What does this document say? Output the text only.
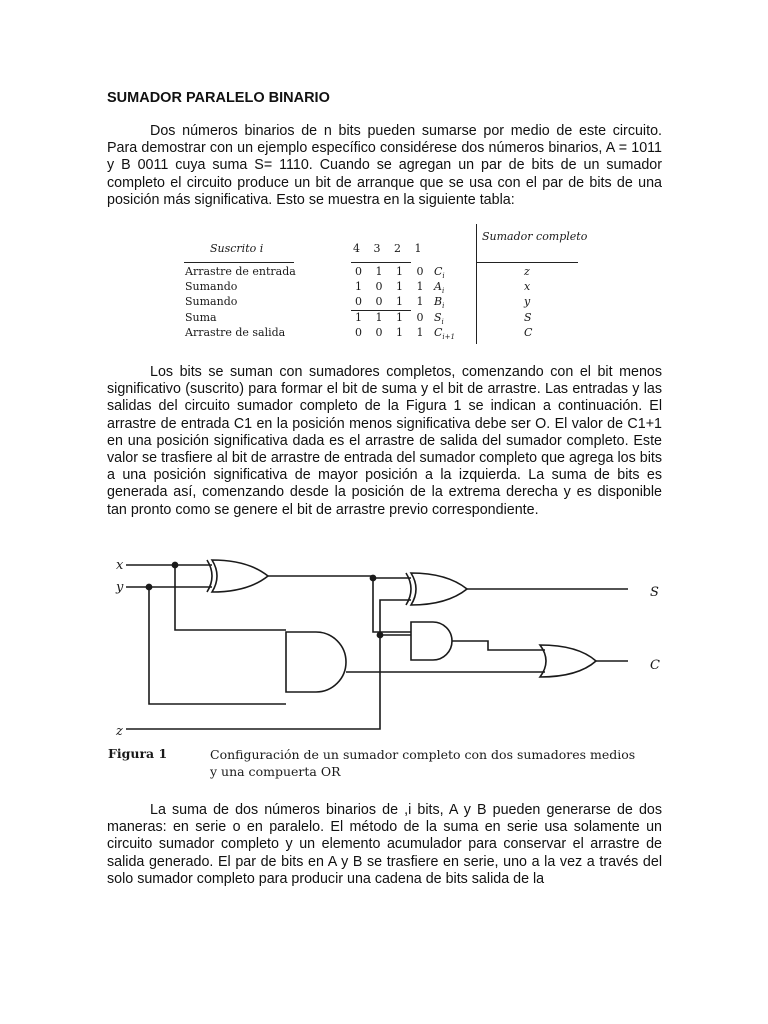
SUMADOR PARALELO BINARIO

Dos números binarios de n bits pueden sumarse por medio de este circuito. Para demostrar con un ejemplo específico considérese dos números binarios, A = 1011 y B 0011 cuya suma S= 1110. Cuando se agregan un par de bits de un sumador completo el circuito produce un bit de arranque que se usa con el par de bits de una posición más significativa. Esto se muestra en la siguiente tabla:

Suscrito i	4 3 2 1
Sumador completo
Arrastre de entrada	0 1 1 0 $C_i$	z
Sumando	1 0 1 1 $A_i$	x
Sumando	0 0 1 1 $B_i$	y
Suma	1 1 1 0 $S_i$	S
Arrastre de salida	0 0 1 1 $C_{i+1}$	C

Los bits se suman con sumadores completos, comenzando con el bit menos significativo (suscrito) para formar el bit de suma y el bit de arrastre. Las entradas y las salidas del circuito sumador completo de la Figura 1 se indican a continuación. El arrastre de entrada C1 en la posición menos significativa debe ser O. El valor de C1+1 en una posición significativa dada es el arrastre de salida del sumador completo. Este valor se trasfiere al bit de arrastre de entrada del sumador completo que agrega los bits a una posición significativa de mayor posición a la izquierda. La suma de bits es generada así, comenzando desde la posición de la extrema derecha y es disponible tan pronto como se genere el bit de arrastre previo correspondiente.

x
y
z
S
C
Figura 1	Configuración de un sumador completo con dos sumadores medios
y una compuerta OR

La suma de dos números binarios de ,i bits, A y B pueden generarse de dos maneras: en serie o en paralelo. El método de la suma en serie usa solamente un circuito sumador completo y un elemento acumulador para conservar el arrastre de salida generado. El par de bits en A y B se trasfiere en serie, uno a la vez a través del solo sumador completo para producir una cadena de bits salida de la
